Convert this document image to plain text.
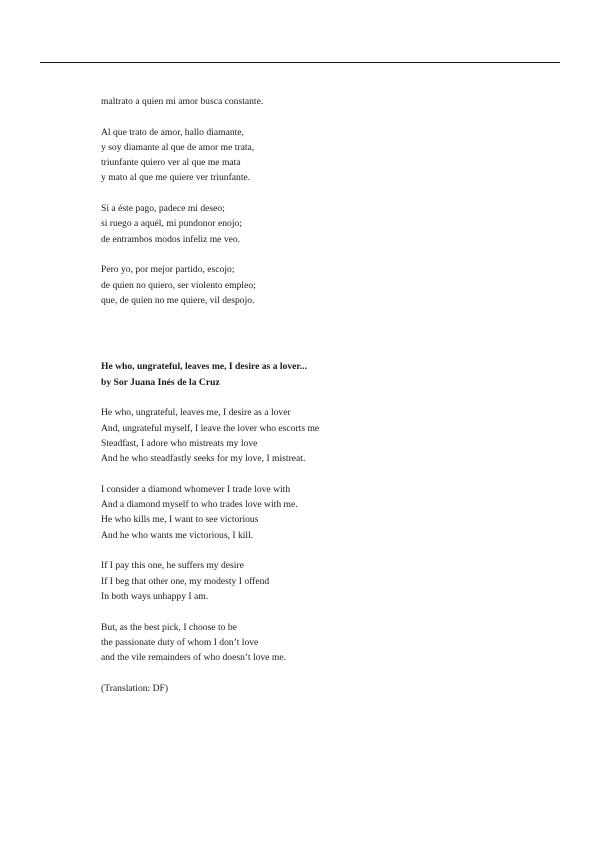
maltrato a quien mi amor busca constante.
Al que trato de amor, hallo diamante,
y soy diamante al que de amor me trata,
triunfante quiero ver al que me mata
y mato al que me quiere ver triunfante.
Si a éste pago, padece mi deseo;
si ruego a aquél, mi pundonor enojo;
de entrambos modos infeliz me veo.
Pero yo, por mejor partido, escojo;
de quien no quiero, ser violento empleo;
que, de quien no me quiere, vil despojo.
He who, ungrateful, leaves me, I desire as a lover...
by Sor Juana Inés de la Cruz
He who, ungrateful, leaves me, I desire as a lover
And, ungrateful myself, I leave the lover who escorts me
Steadfast, I adore who mistreats my love
And he who steadfastly seeks for my love, I mistreat.
I consider a diamond whomever I trade love with
And a diamond myself to who trades love with me.
He who kills me, I want to see victorious
And he who wants me victorious, I kill.
If I pay this one, he suffers my desire
If I beg that other one, my modesty I offend
In both ways unhappy I am.
But, as the best pick, I choose to be
the passionate duty of whom I don’t love
and the vile remainders of who doesn’t love me.
(Translation: DF)
